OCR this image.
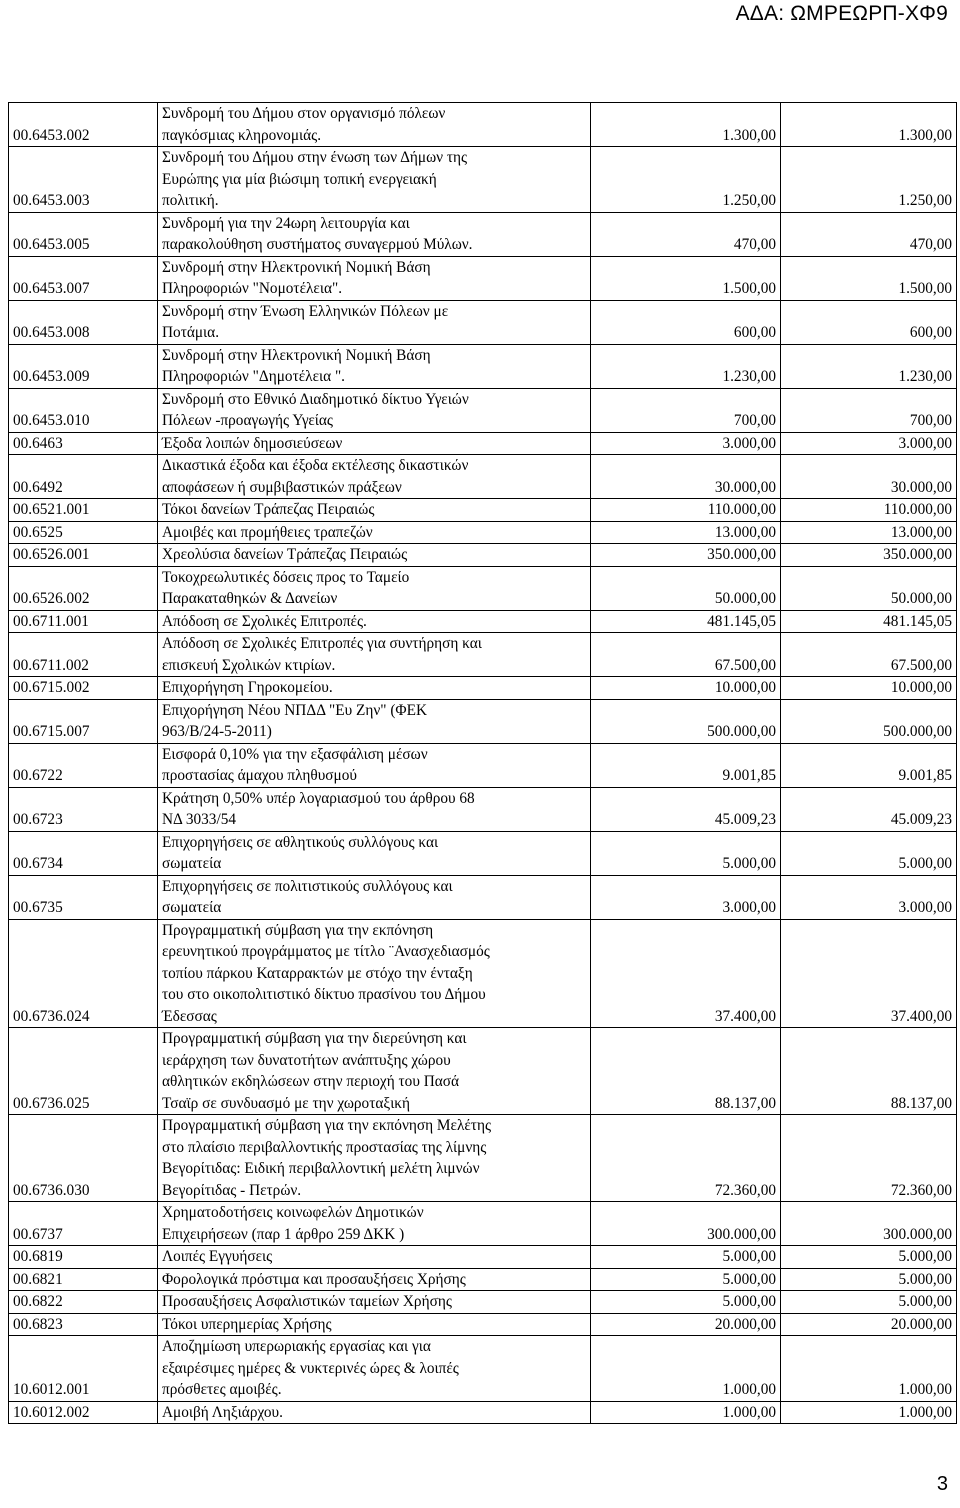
ΑΔΑ: ΩΜΡΕΩΡΠ-ΧΦ9
00.6453.002	Συνδρομή του Δήμου στον οργανισμό πόλεων
παγκόσμιας κληρονομιάς.	1.300,00	1.300,00
00.6453.003	Συνδρομή του Δήμου στην ένωση των Δήμων της
Ευρώπης για μία βιώσιμη τοπική ενεργειακή
πολιτική.	1.250,00	1.250,00
00.6453.005	Συνδρομή για την 24ωρη λειτουργία και
παρακολούθηση συστήματος συναγερμού Μύλων.	470,00	470,00
00.6453.007	Συνδρομή στην Ηλεκτρονική Νομική Βάση
Πληροφοριών "Νομοτέλεια".	1.500,00	1.500,00
00.6453.008	Συνδρομή στην Ένωση Ελληνικών Πόλεων με
Ποτάμια.	600,00	600,00
00.6453.009	Συνδρομή στην Ηλεκτρονική Νομική Βάση
Πληροφοριών "Δημοτέλεια ".	1.230,00	1.230,00
00.6453.010	Συνδρομή στο Εθνικό Διαδημοτικό δίκτυο Υγειών
Πόλεων -προαγωγής Υγείας	700,00	700,00
00.6463	Έξοδα λοιπών δημοσιεύσεων	3.000,00	3.000,00
00.6492	Δικαστικά έξοδα και έξοδα εκτέλεσης δικαστικών
αποφάσεων ή συμβιβαστικών πράξεων	30.000,00	30.000,00
00.6521.001	Τόκοι δανείων Τράπεζας Πειραιώς	110.000,00	110.000,00
00.6525	Αμοιβές και προμήθειες τραπεζών	13.000,00	13.000,00
00.6526.001	Χρεολύσια δανείων Τράπεζας Πειραιώς	350.000,00	350.000,00
00.6526.002	Τοκοχρεωλυτικές δόσεις προς το Ταμείο
Παρακαταθηκών & Δανείων	50.000,00	50.000,00
00.6711.001	Απόδοση σε Σχολικές Επιτροπές.	481.145,05	481.145,05
00.6711.002	Απόδοση σε Σχολικές Επιτροπές για συντήρηση και
επισκευή Σχολικών κτιρίων.	67.500,00	67.500,00
00.6715.002	Επιχορήγηση Γηροκομείου.	10.000,00	10.000,00
00.6715.007	Επιχορήγηση Νέου ΝΠΔΔ "Ευ Ζην" (ΦΕΚ
963/Β/24-5-2011)	500.000,00	500.000,00
00.6722	Εισφορά 0,10% για την εξασφάλιση μέσων
προστασίας άμαχου πληθυσμού	9.001,85	9.001,85
00.6723	Κράτηση 0,50% υπέρ λογαριασμού του άρθρου 68
ΝΔ 3033/54	45.009,23	45.009,23
00.6734	Επιχορηγήσεις σε αθλητικούς συλλόγους και
σωματεία	5.000,00	5.000,00
00.6735	Επιχορηγήσεις σε πολιτιστικούς συλλόγους και
σωματεία	3.000,00	3.000,00
00.6736.024	Προγραμματική σύμβαση για την εκπόνηση
ερευνητικού προγράμματος με τίτλο ¨Ανασχεδιασμός
τοπίου πάρκου Καταρρακτών με στόχο την ένταξη
του στο οικοπολιτιστικό δίκτυο πρασίνου του Δήμου
Έδεσσας	37.400,00	37.400,00
00.6736.025	Προγραμματική σύμβαση για την διερεύνηση και
ιεράρχηση των δυνατοτήτων ανάπτυξης χώρου
αθλητικών εκδηλώσεων στην περιοχή του Πασά
Τσαϊρ σε συνδυασμό με την χωροταξική	88.137,00	88.137,00
00.6736.030	Προγραμματική σύμβαση για την εκπόνηση Μελέτης
στο πλαίσιο περιβαλλοντικής προστασίας της λίμνης
Βεγορίτιδας: Ειδική περιβαλλοντική μελέτη λιμνών
Βεγορίτιδας - Πετρών.	72.360,00	72.360,00
00.6737	Χρηματοδοτήσεις κοινωφελών Δημοτικών
Επιχειρήσεων (παρ 1 άρθρο 259 ΔΚΚ )	300.000,00	300.000,00
00.6819	Λοιπές Εγγυήσεις	5.000,00	5.000,00
00.6821	Φορολογικά πρόστιμα και προσαυξήσεις Χρήσης	5.000,00	5.000,00
00.6822	Προσαυξήσεις Ασφαλιστικών ταμείων Χρήσης	5.000,00	5.000,00
00.6823	Τόκοι υπερημερίας Χρήσης	20.000,00	20.000,00
10.6012.001	Αποζημίωση υπερωριακής εργασίας και για
εξαιρέσιμες ημέρες & νυκτερινές ώρες & λοιπές
πρόσθετες αμοιβές.	1.000,00	1.000,00
10.6012.002	Αμοιβή Ληξιάρχου.	1.000,00	1.000,00
3
